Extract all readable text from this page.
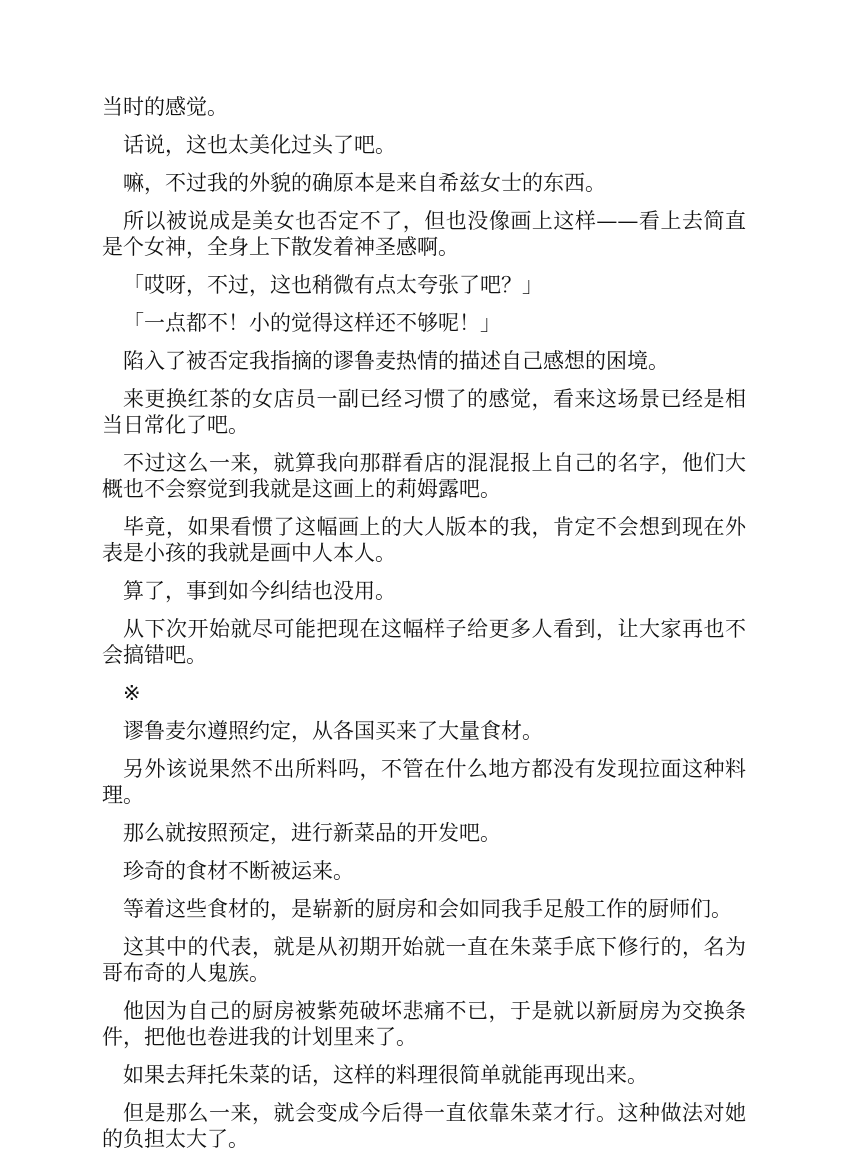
当时的感觉。

话说，这也太美化过头了吧。

嘛，不过我的外貌的确原本是来自希兹女士的东西。

所以被说成是美女也否定不了，但也没像画上这样——看上去简直是个女神，全身上下散发着神圣感啊。

「哎呀，不过，这也稍微有点太夸张了吧？」

「一点都不！小的觉得这样还不够呢！」

陷入了被否定我指摘的谬鲁麦热情的描述自己感想的困境。

来更换红茶的女店员一副已经习惯了的感觉，看来这场景已经是相当日常化了吧。

不过这么一来，就算我向那群看店的混混报上自己的名字，他们大概也不会察觉到我就是这画上的莉姆露吧。

毕竟，如果看惯了这幅画上的大人版本的我，肯定不会想到现在外表是小孩的我就是画中人本人。

算了，事到如今纠结也没用。

从下次开始就尽可能把现在这幅样子给更多人看到，让大家再也不会搞错吧。

※

谬鲁麦尔遵照约定，从各国买来了大量食材。

另外该说果然不出所料吗，不管在什么地方都没有发现拉面这种料理。

那么就按照预定，进行新菜品的开发吧。

珍奇的食材不断被运来。

等着这些食材的，是崭新的厨房和会如同我手足般工作的厨师们。

这其中的代表，就是从初期开始就一直在朱菜手底下修行的，名为哥布奇的人鬼族。

他因为自己的厨房被紫苑破坏悲痛不已，于是就以新厨房为交换条件，把他也卷进我的计划里来了。

如果去拜托朱菜的话，这样的料理很简单就能再现出来。

但是那么一来，就会变成今后得一直依靠朱菜才行。这种做法对她的负担太大了。
